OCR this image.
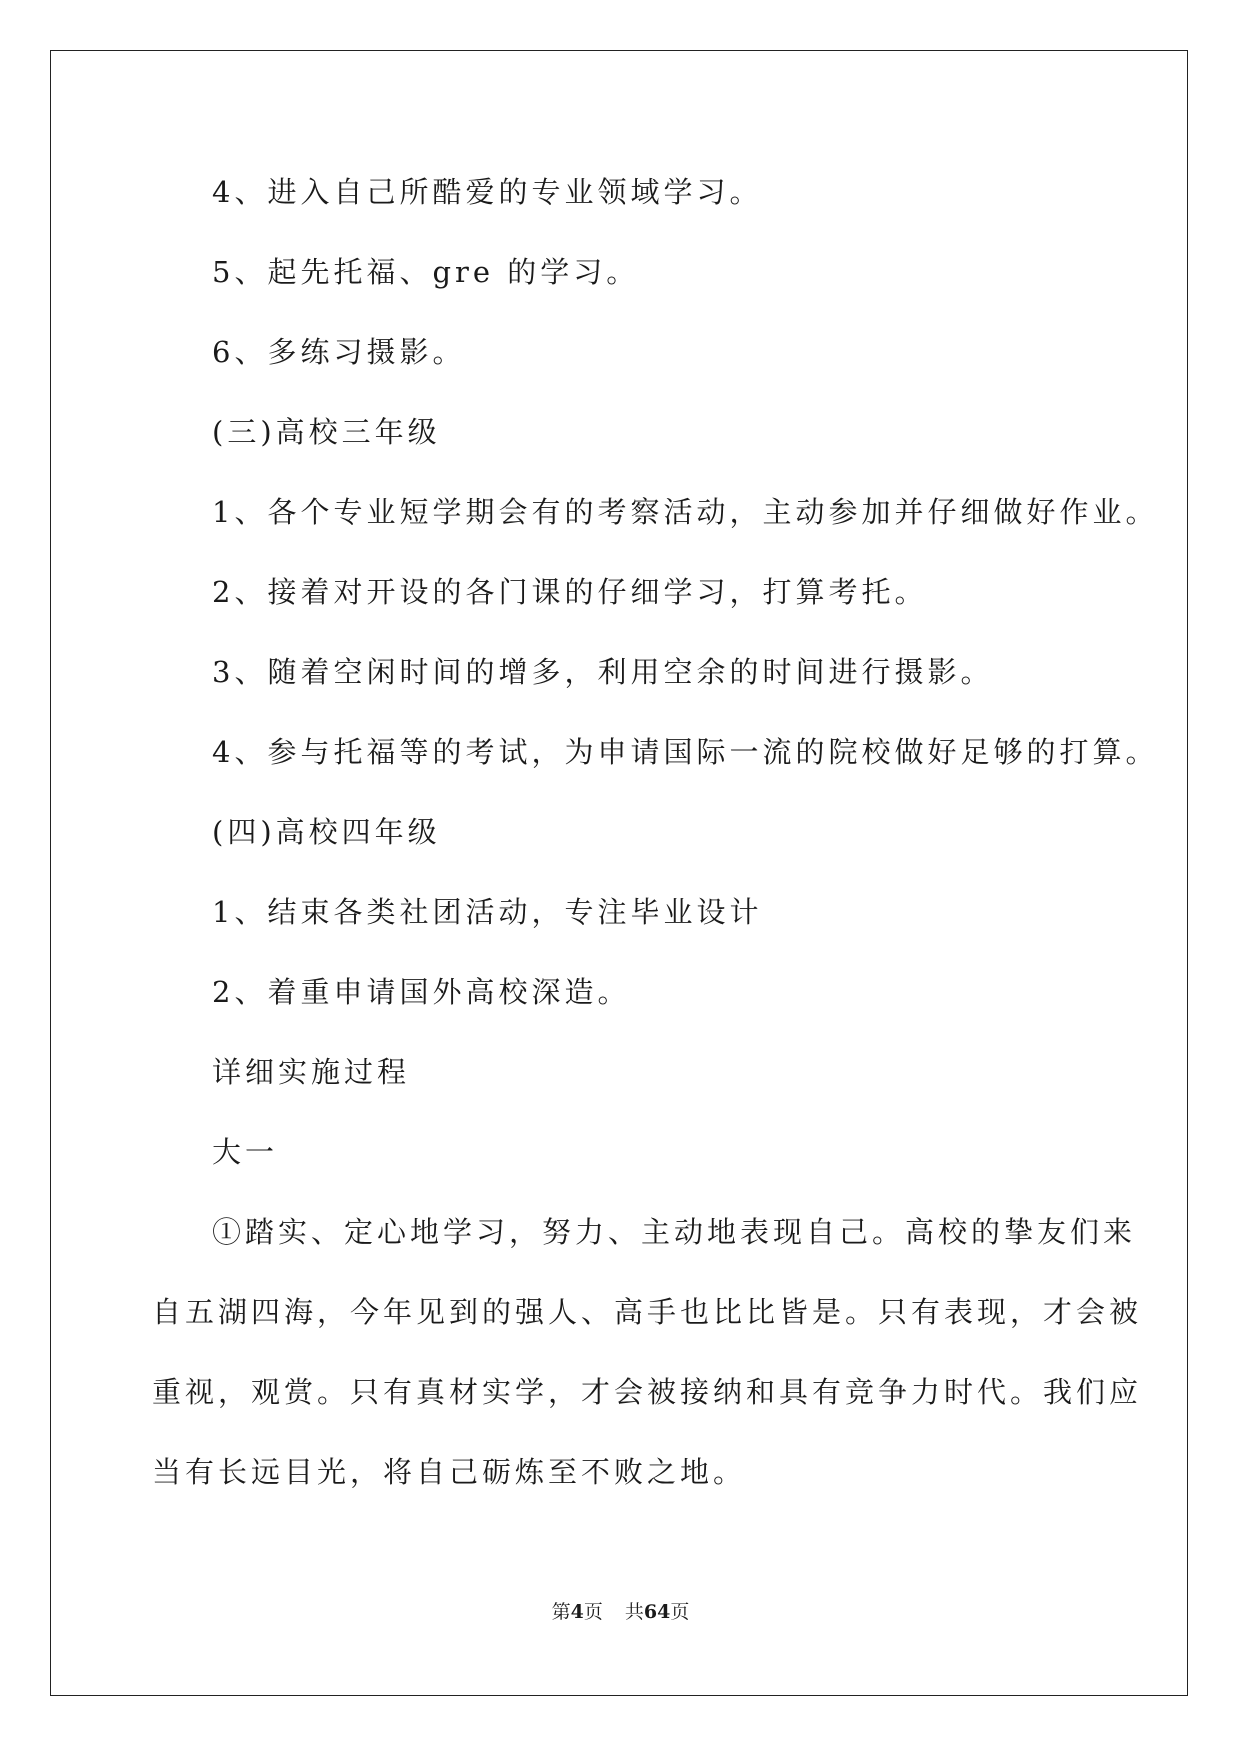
4、进入自己所酷爱的专业领域学习。
5、起先托福、gre 的学习。
6、多练习摄影。
(三)高校三年级
1、各个专业短学期会有的考察活动，主动参加并仔细做好作业。
2、接着对开设的各门课的仔细学习，打算考托。
3、随着空闲时间的增多，利用空余的时间进行摄影。
4、参与托福等的考试，为申请国际一流的院校做好足够的打算。
(四)高校四年级
1、结束各类社团活动，专注毕业设计
2、着重申请国外高校深造。
详细实施过程
大一
①踏实、定心地学习，努力、主动地表现自己。高校的挚友们来
自五湖四海，今年见到的强人、高手也比比皆是。只有表现，才会被
重视，观赏。只有真材实学，才会被接纳和具有竞争力时代。我们应
当有长远目光，将自己砺炼至不败之地。
第4页 共64页
